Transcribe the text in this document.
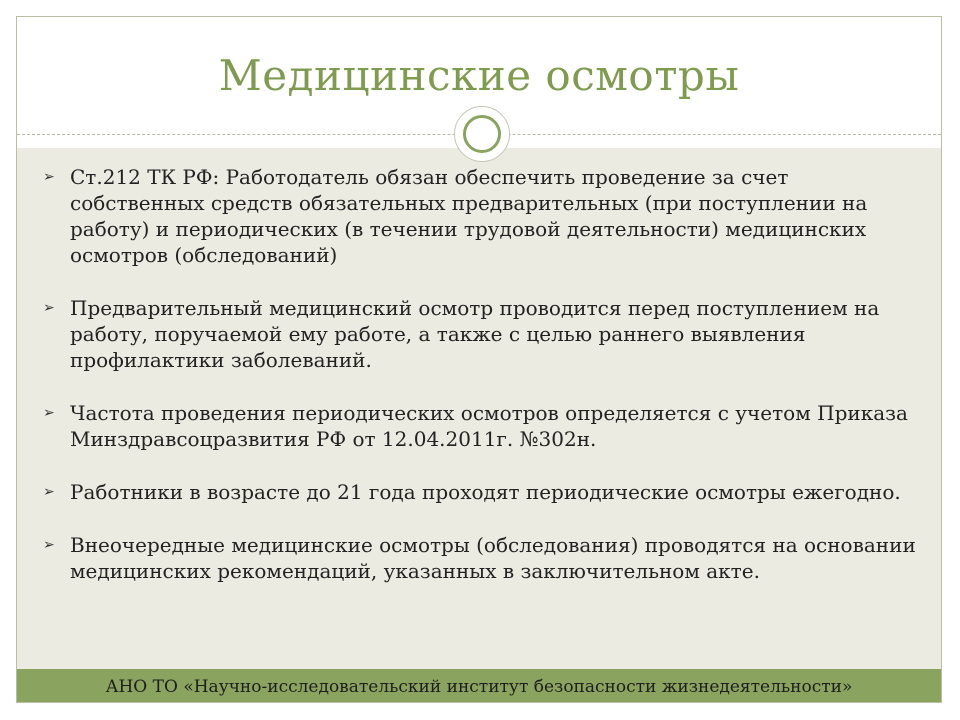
Медицинские осмотры
➢ Ст.212 ТК РФ: Работодатель обязан обеспечить проведение за счет собственных средств обязательных предварительных (при поступлении на работу) и периодических (в течении трудовой деятельности) медицинских осмотров (обследований)
➢ Предварительный медицинский осмотр проводится перед поступлением на работу, поручаемой ему работе, а также с целью раннего выявления профилактики заболеваний.
➢ Частота проведения периодических осмотров определяется с учетом Приказа Минздравсоцразвития РФ от 12.04.2011г. №302н.
➢ Работники в возрасте до 21 года проходят периодические осмотры ежегодно.
➢ Внеочередные медицинские осмотры (обследования) проводятся на основании медицинских рекомендаций, указанных в заключительном акте.
АНО ТО «Научно-исследовательский институт безопасности жизнедеятельности»
